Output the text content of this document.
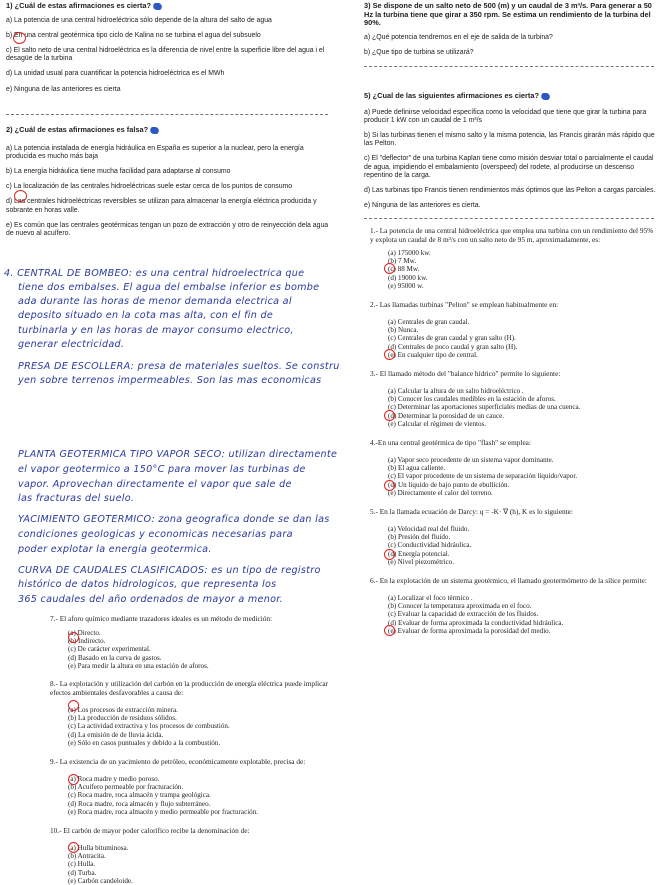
1) ¿Cuál de estas afirmaciones es cierta?
a) La potencia de una central hidroeléctrica sólo depende de la altura del salto de agua
b) En una central geotérmica tipo ciclo de Kalina no se turbina el agua del subsuelo
c) El salto neto de una central hidroeléctrica es la diferencia de nivel entre la superficie libre del agua i el desagüe de la turbina
d) La unidad usual para cuantificar la potencia hidroeléctrica es el MWh
e) Ninguna de las anteriores es cierta
2) ¿Cuál de estas afirmaciones es falsa?
a) La potencia instalada de energía hidráulica en España es superior a la nuclear, pero la energía producida es mucho más baja
b) La energía hidráulica tiene mucha facilidad para adaptarse al consumo
c) La localización de las centrales hidroeléctricas suele estar cerca de los puntos de consumo
d) Las centrales hidroeléctricas reversibles se utilizan para almacenar la energía eléctrica producida y sobrante en horas valle.
e) Es común que las centrales geotérmicas tengan un pozo de extracción y otro de reinyección dela agua de nuevo al acuífero.
3) Se dispone de un salto neto de 500 (m) y un caudal de 3 m³/s. Para generar a 50 Hz la turbina tiene que girar a 350 rpm. Se estima un rendimiento de la turbina del 90%.
a) ¿Qué potencia tendremos en el eje de salida de la turbina?
b) ¿Que tipo de turbina se utilizará?
5) ¿Cual de las siguientes afirmaciones es cierta?
a) Puede definirse velocidad específica como la velocidad que tiene que girar la turbina para producir 1 kW con un caudal de 1 m³/s
b) Si las turbinas tienen el mismo salto y la misma potencia, las Francis girarán más rápido que las Pelton.
c) El "deflector" de una turbina Kaplan tiene como misión desviar total o parcialmente el caudal de agua, impidiendo el embalamiento (overspeed) del rodete, al producirse un descenso repentino de la carga.
d) Las turbinas tipo Francis tienen rendimientos más óptimos que las Pelton a cargas parciales.
e) Ninguna de las anteriores es cierta.
4. CENTRAL DE BOMBEO: es una central hidroelectrica que
tiene dos embalses. El agua del embalse inferior es bombe
ada durante las horas de menor demanda electrica al
deposito situado en la cota mas alta, con el fin de
turbinarla y en las horas de mayor consumo electrico,
generar electricidad.
PRESA DE ESCOLLERA: presa de materiales sueltos. Se constru
yen sobre terrenos impermeables. Son las mas economicas
PLANTA GEOTERMICA TIPO VAPOR SECO: utilizan directamente
el vapor geotermico a 150°C para mover las turbinas de
vapor. Aprovechan directamente el vapor que sale de
las fracturas del suelo.
YACIMIENTO GEOTERMICO: zona geografica donde se dan las
condiciones geologicas y economicas necesarias para
poder explotar la energia geotermica.
CURVA DE CAUDALES CLASIFICADOS: es un tipo de registro
histórico de datos hidrologicos, que representa los
365 caudales del año ordenados de mayor a menor.
1.- La potencia de una central hidroeléctrica que emplea una turbina con un rendimiento del 95% y explota un caudal de 8 m³/s con un salto neto de 95 m, aproximadamente, es:
(a) 175000 kw.
(b) 7 Mw.
(c) 88 Mw.
(d) 19000 kw.
(e) 95000 w.
2.- Las llamadas turbinas "Pelton" se emplean habitualmente en:
(a) Centrales de gran caudal.
(b) Nunca.
(c) Centrales de gran caudal y gran salto (H).
(d) Centrales de poco caudal y gran salto (H).
(e) En cualquier tipo de central.
3.- El llamado método del "balance hídrico" permite lo siguiente:
(a) Calcular la altura de un salto hidroeléctrico .
(b) Conocer los caudales medibles en la estación de aforos.
(c) Determinar las aportaciones superficiales medias de una cuenca.
(d) Determinar la porosidad de un cauce.
(e) Calcular el régimen de vientos.
4.-En una central geotérmica de tipo "flash" se emplea:
(a) Vapor seco procedente de un sistema vapor dominante.
(b) El agua caliente.
(c) El vapor procedente de un sistema de separación líquido/vapor.
(d) Un líquido de bajo punto de ebullición.
(e) Directamente el calor del terreno.
5.- En la llamada ecuación de Darcy: q = -K· ∇ (h), K es lo siguiente:
(a) Velocidad real del fluido.
(b) Presión del fluido.
(c) Conductividad hidráulica.
(d) Energía potencial.
(e) Nivel piezométrico.
6.- En la explotación de un sistema geotérmico, el llamado geotermómetro de la sílice permite:
(a) Localizar el foco térmico .
(b) Conocer la temperatura aproximada en el foco.
(c) Evaluar la capacidad de extracción de los fluidos.
(d) Evaluar de forma aproximada la conductividad hidráulica.
(e) Evaluar de forma aproximada la porosidad del medio.
7.- El aforo químico mediante trazadores ideales es un método de medición:
(a) Directo.
(b) Indirecto.
(c) De carácter experimental.
(d) Basado en la curva de gastos.
(e) Para medir la altura en una estación de aforos.
8.- La explotación y utilización del carbón en la producción de energía eléctrica puede implicar efectos ambientales desfavorables a causa de:
(a) Los procesos de extracción minera.
(b) La producción de residuos sólidos.
(c) La actividad extractiva y los procesos de combustión.
(d) La emisión de de lluvia ácida.
(e) Sólo en casos puntuales y debido a la combustión.
9.- La existencia de un yacimiento de petróleo, económicamente explotable, precisa de:
(a) Roca madre y medio poroso.
(b) Acuífero permeable por fracturación.
(c) Roca madre, roca almacén y trampa geológica.
(d) Roca madre, roca almacén y flujo subterráneo.
(e) Roca madre, roca almacén y medio permeable por fracturación.
10.- El carbón de mayor poder calorífico recibe la denominación de:
(a) Hulla bituminosa.
(b) Antracita.
(c) Hulla.
(d) Turba.
(e) Carbón candeloide.
